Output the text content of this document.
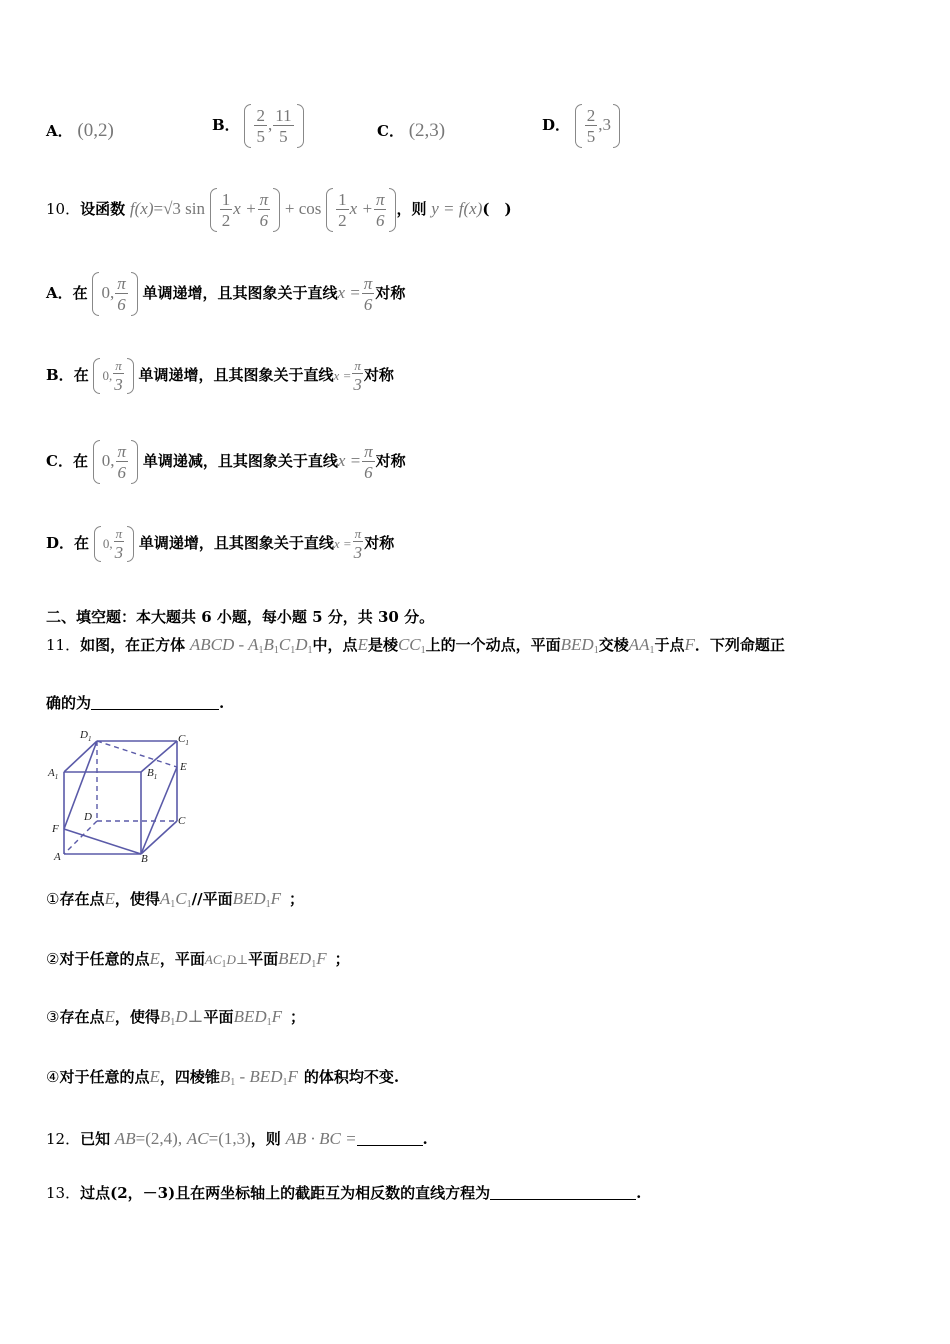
A． (0,2)	B． $\frac{2}{5}$ , $\frac{11}{5}$	C． (2,3)	D． $\frac{2}{5} ,3$
10．设函数 f(x)=√3 $\sin \frac{1}{2}$ $x + \frac{\pi}{6} + \cos \frac{1}{2}$ $x + \frac{\pi}{6}$ ，则 y = f(x)(　)
A．在 0, $\frac{\pi}{6}$ 单调递增，且其图象关于直线$x = \frac{\pi}{6}$ 对称
B．在 0, $\frac{\pi}{3}$ 单调递增，且其图象关于直线$x = \frac{\pi}{3}$ 对称
C．在 0, $\frac{\pi}{6}$ 单调递减，且其图象关于直线$x = \frac{\pi}{6}$ 对称
D．在 0, $\frac{\pi}{3}$ 单调递增，且其图象关于直线$x = \frac{\pi}{3}$ 对称
二、填空题：本大题共 6 小题，每小题 5 分，共 30 分。
11．如图，在正方体 ABCD - $A_1B_1C_1D_1$中，点E是棱$CC_1$上的一个动点，平面$BED_1$交棱$AA_1$于点F．下列命题正
确的为	.
$D_1$	$C_1$
$A_1$	$B_1$
E
D	C
F
A	B
①存在点E，使得$A_1C_1//$平面$BED_1F$ ；
②对于任意的点E，平面$AC_1D\perp$平面$BED_1F$ ；
③存在点E，使得$B_1D\perp$平面$BED_1F$ ；
④对于任意的点E，四棱锥$B_1 - BED_1F$ 的体积均不变.
12．已知 AB=(2,4), AC=(1,3)，则 AB · BC =	.
13．过点(2，－3)且在两坐标轴上的截距互为相反数的直线方程为	.
